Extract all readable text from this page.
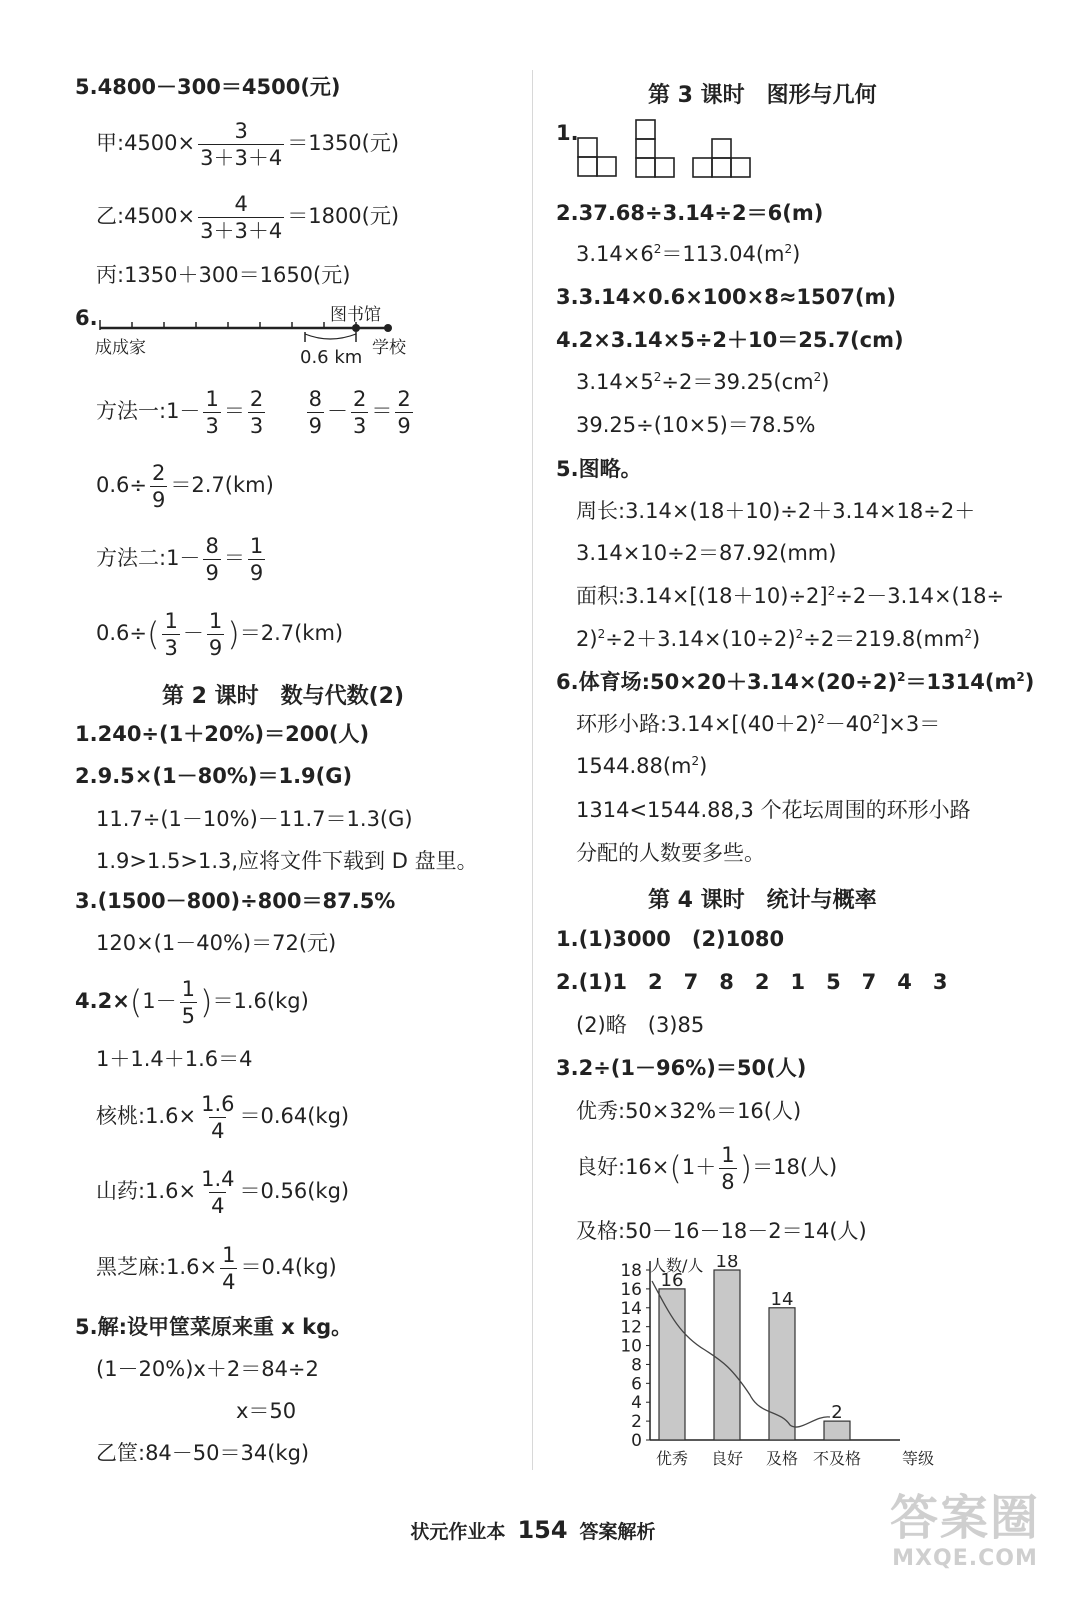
5.4800－300＝4500(元)
甲:4500× $\frac{3}{3+3+4} =1350$(元)
乙:4500× $\frac{4}{3+3+4} =1800$(元)
丙:1350＋300＝1650(元)
6.	图书馆
成成家	0.6 km 学校
方法一:1－ $\frac{1}{3} = \frac{2}{3}$
$\frac{8}{9} - \frac{2}{3} = \frac{2}{9}$
$0.6\div \frac{2}{9} =2.7(km)$
方法二:1－ $\frac{8}{9} = \frac{1}{9}$
$0.6\div( \frac{1}{3} - \frac{1}{9} )=2.7(km)$
第 2 课时　数与代数(2)
1.240÷(1＋20%)＝200(人)
2.9.5×(1－80%)＝1.9(G)
11.7÷(1－10%)－11.7＝1.3(G)
1.9>1.5>1.3,应将文件下载到 D 盘里。
3.(1500－800)÷800＝87.5%
120×(1－40%)＝72(元)
$4.2\times(1- \frac{1}{5} )=1.6(kg)$
1＋1.4＋1.6＝4
核桃:1.6× $\frac{1.6}{4} =0.64(kg)$
山药:1.6× $\frac{1.4}{4} =0.56(kg)$
黑芝麻:1.6× $\frac{1}{4} =0.4(kg)$
5.解:设甲筐菜原来重 x kg。
(1－20%)x＋2＝84÷2
x＝50
乙筐:84－50＝34(kg)
第 3 课时　图形与几何
1.
2.37.68÷3.14÷2＝6(m)
$3.14\times 6^2=113.04(m^2)$
3.3.14×0.6×100×8≈1507(m)
4.2×3.14×5÷2＋10＝25.7(cm)
$3.14\times 5^2\div 2=39.25(cm^2)$
39.25÷(10×5)＝78.5%
5.图略。
周长:3.14×(18＋10)÷2＋3.14×18÷2＋
3.14×10÷2＝87.92(mm)
面积$:3.14\times[(18+10)\div 2]^2\div 2-3.14\times(18\div$
$2)^2\div 2+3.14\times(10\div 2)^2\div 2=219.8(mm^2)$
6.体育场$:50\times 20+3.14\times(20\div 2)^2=1314(m^2)$
环形小路$:3.14\times[(40+2)^2-40^2]\times 3=$
$1544.88(m^2)$
1314<1544.88,3 个花坛周围的环形小路
分配的人数要多些。
第 4 课时　统计与概率
1.(1)3000　(2)1080
2.(1)1　2　7　8　2　1　5　7　4　3
(2)略　(3)85
3.2÷(1－96%)＝50(人)
优秀:50×32%＝16(人)
良好:16×(1＋ $\frac{1}{8} )=18$(人)
及格:50－16－18－2＝14(人)
0
2
4
6
8
10
12
14
16
18 16
18
14
2
优秀 良好 及格 不及格
人数/人
等级
状元作业本 154 答案解析	答案圈
MXQE.COM
